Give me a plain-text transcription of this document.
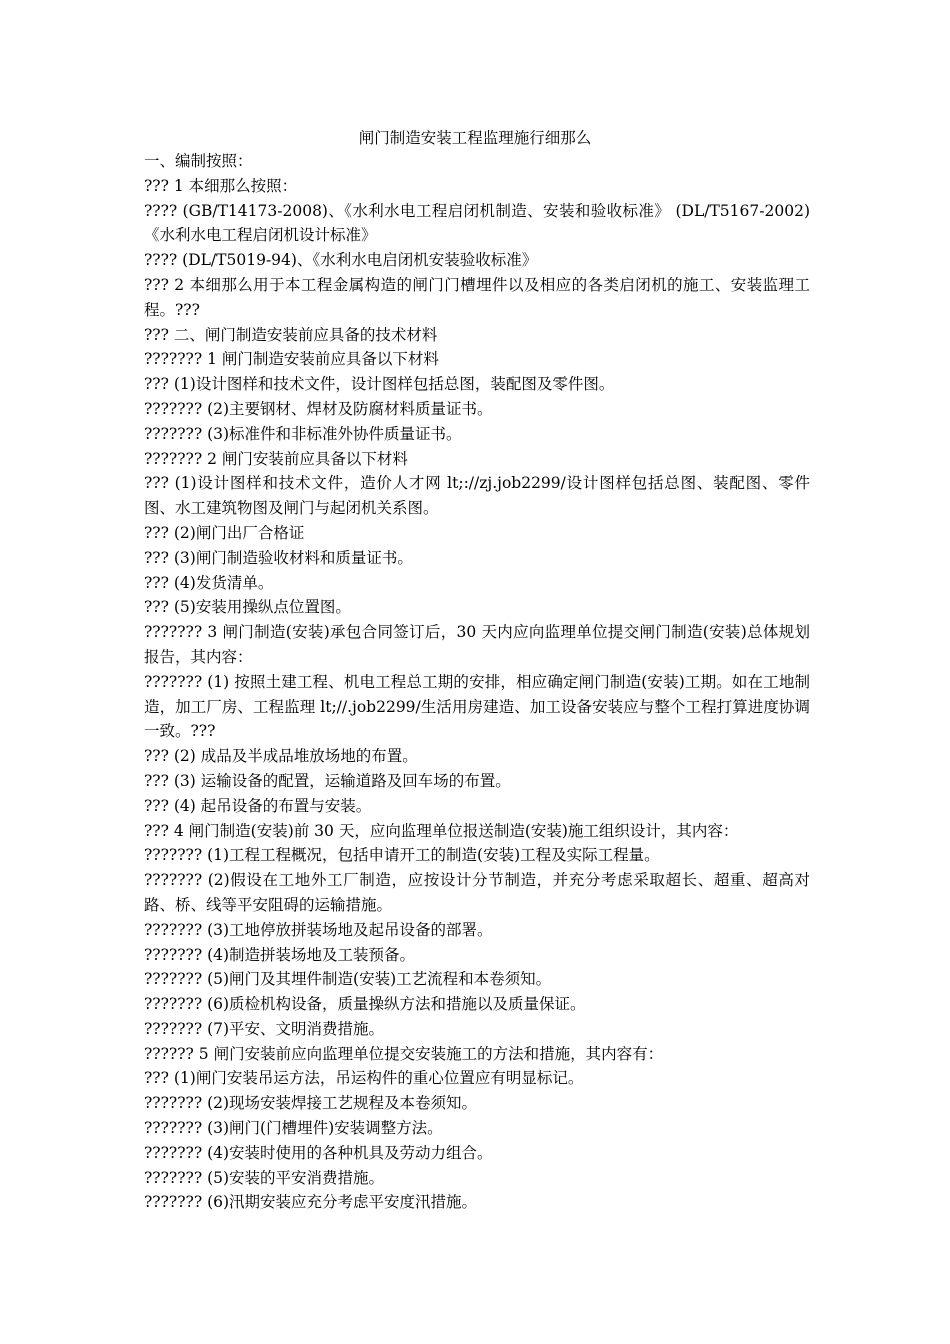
闸门制造安装工程监理施行细那么

一、编制按照：

??? 1 本细那么按照：

???? (GB/T14173-2008)、《水利水电工程启闭机制造、安装和验收标准》 (DL/T5167-2002)《水利水电工程启闭机设计标准》

???? (DL/T5019-94)、《水利水电启闭机安装验收标准》

??? 2 本细那么用于本工程金属构造的闸门门槽埋件以及相应的各类启闭机的施工、安装监理工程。???

??? 二、闸门制造安装前应具备的技术材料

??????? 1 闸门制造安装前应具备以下材料

??? (1)设计图样和技术文件，设计图样包括总图，装配图及零件图。

??????? (2)主要钢材、焊材及防腐材料质量证书。

??????? (3)标准件和非标准外协件质量证书。

??????? 2 闸门安装前应具备以下材料

??? (1)设计图样和技术文件，造价人才网 lt;://zj.job2299/设计图样包括总图、装配图、零件图、水工建筑物图及闸门与起闭机关系图。

??? (2)闸门出厂合格证

??? (3)闸门制造验收材料和质量证书。

??? (4)发货清单。

??? (5)安装用操纵点位置图。

??????? 3 闸门制造(安装)承包合同签订后，30 天内应向监理单位提交闸门制造(安装)总体规划报告，其内容：

??????? (1) 按照土建工程、机电工程总工期的安排，相应确定闸门制造(安装)工期。如在工地制造，加工厂房、工程监理 lt;//.job2299/生活用房建造、加工设备安装应与整个工程打算进度协调一致。???

??? (2) 成品及半成品堆放场地的布置。

??? (3) 运输设备的配置，运输道路及回车场的布置。

??? (4) 起吊设备的布置与安装。

??? 4 闸门制造(安装)前 30 天，应向监理单位报送制造(安装)施工组织设计，其内容：

??????? (1)工程工程概况，包括申请开工的制造(安装)工程及实际工程量。

??????? (2)假设在工地外工厂制造，应按设计分节制造，并充分考虑采取超长、超重、超高对路、桥、线等平安阻碍的运输措施。

??????? (3)工地停放拼装场地及起吊设备的部署。

??????? (4)制造拼装场地及工装预备。

??????? (5)闸门及其埋件制造(安装)工艺流程和本卷须知。

??????? (6)质检机构设备，质量操纵方法和措施以及质量保证。

??????? (7)平安、文明消费措施。

?????? 5 闸门安装前应向监理单位提交安装施工的方法和措施，其内容有：

??? (1)闸门安装吊运方法，吊运构件的重心位置应有明显标记。

??????? (2)现场安装焊接工艺规程及本卷须知。

??????? (3)闸门(门槽埋件)安装调整方法。

??????? (4)安装时使用的各种机具及劳动力组合。

??????? (5)安装的平安消费措施。

??????? (6)汛期安装应充分考虑平安度汛措施。
